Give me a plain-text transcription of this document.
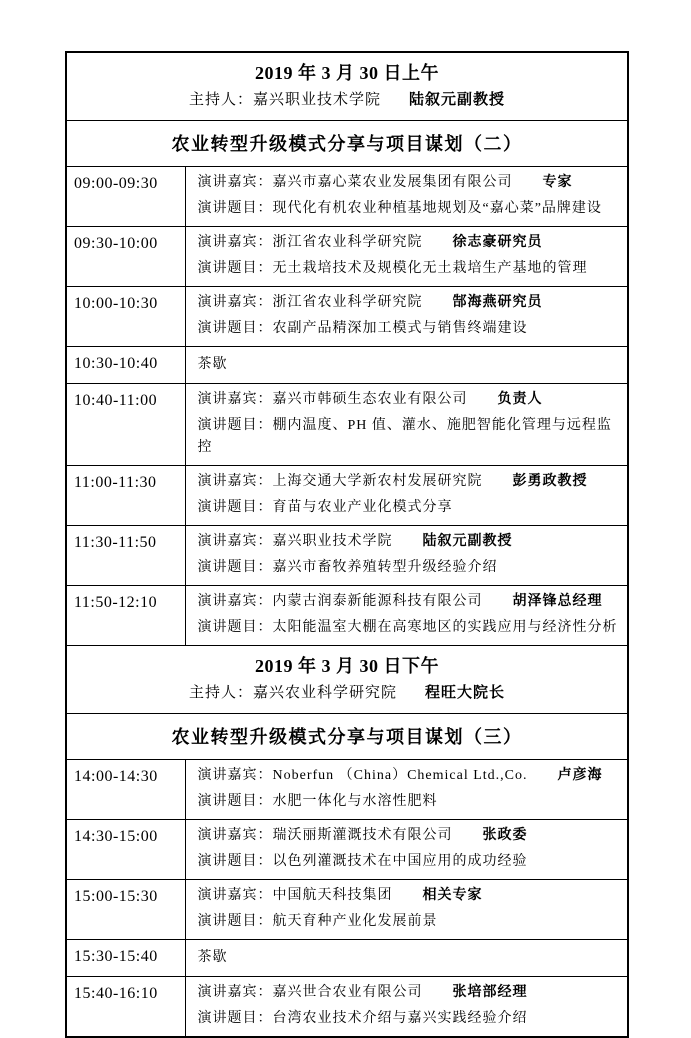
2019 年 3 月 30 日上午
主持人：嘉兴职业技术学院 陆叙元副教授	

农业转型升级模式分享与项目谋划（二）	
09:00-09:30	演讲嘉宾：嘉兴市嘉心菜农业发展集团有限公司 专家
演讲题目：现代化有机农业种植基地规划及“嘉心菜”品牌建设

09:30-10:00	演讲嘉宾：浙江省农业科学研究院 徐志豪研究员
演讲题目：无土栽培技术及规模化无土栽培生产基地的管理

10:00-10:30	演讲嘉宾：浙江省农业科学研究院 郜海燕研究员
演讲题目：农副产品精深加工模式与销售终端建设

10:30-10:40	茶歇

10:40-11:00	演讲嘉宾：嘉兴市韩硕生态农业有限公司 负责人
演讲题目：棚内温度、PH 值、灌水、施肥智能化管理与远程监控

11:00-11:30	演讲嘉宾：上海交通大学新农村发展研究院 彭勇政教授
演讲题目：育苗与农业产业化模式分享

11:30-11:50	演讲嘉宾：嘉兴职业技术学院 陆叙元副教授
演讲题目：嘉兴市畜牧养殖转型升级经验介绍

11:50-12:10	演讲嘉宾：内蒙古润泰新能源科技有限公司 胡泽锋总经理
演讲题目：太阳能温室大棚在高寒地区的实践应用与经济性分析

2019 年 3 月 30 日下午
主持人：嘉兴农业科学研究院 程旺大院长	

农业转型升级模式分享与项目谋划（三）	
14:00-14:30	演讲嘉宾：Noberfun （China）Chemical Ltd.,Co. 卢彦海
演讲题目：水肥一体化与水溶性肥料

14:30-15:00	演讲嘉宾：瑞沃丽斯灌溉技术有限公司 张政委
演讲题目：以色列灌溉技术在中国应用的成功经验

15:00-15:30	演讲嘉宾：中国航天科技集团 相关专家
演讲题目：航天育种产业化发展前景

15:30-15:40	茶歇

15:40-16:10	演讲嘉宾：嘉兴世合农业有限公司 张培部经理
演讲题目：台湾农业技术介绍与嘉兴实践经验介绍
